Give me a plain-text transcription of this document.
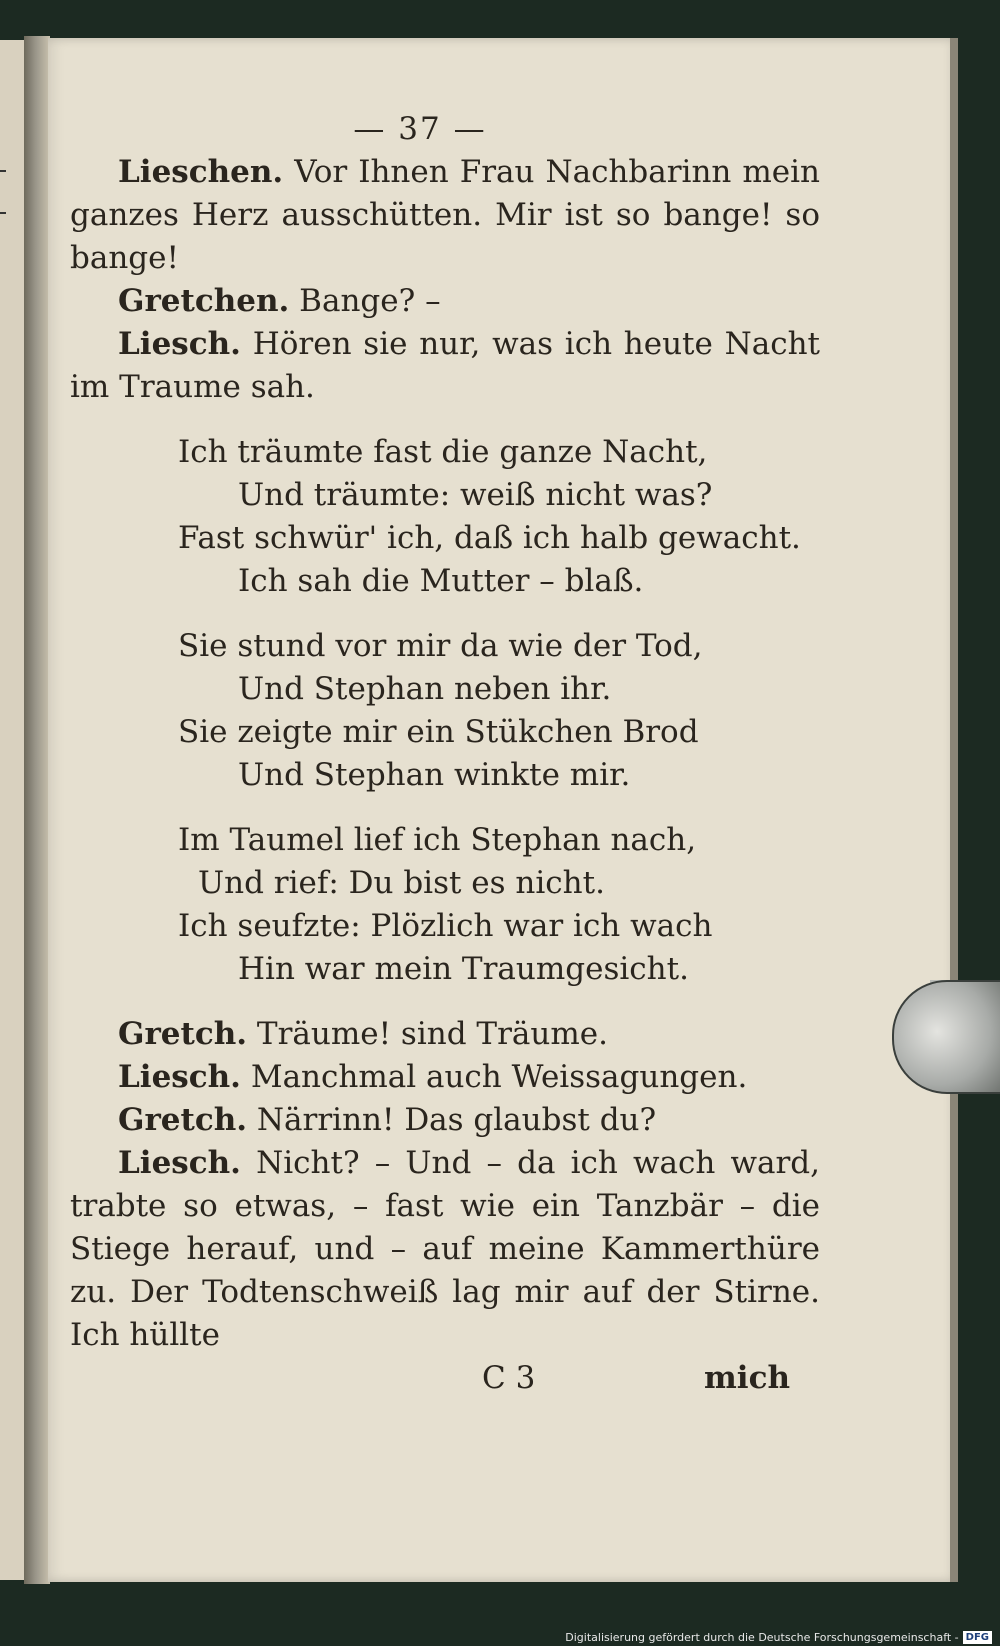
— 37 —

Lieschen. Vor Ihnen Frau Nachbarinn mein ganzes Herz ausschütten. Mir ist so bange! so bange!

Gretchen. Bange? –

Liesch. Hören sie nur, was ich heute Nacht im Traume sah.

Ich träumte fast die ganze Nacht,
Und träumte: weiß nicht was?
Fast schwür' ich, daß ich halb gewacht.
Ich sah die Mutter – blaß.
Sie stund vor mir da wie der Tod,
Und Stephan neben ihr.
Sie zeigte mir ein Stükchen Brod
Und Stephan winkte mir.
Im Taumel lief ich Stephan nach,
Und rief: Du bist es nicht.
Ich seufzte: Plözlich war ich wach
Hin war mein Traumgesicht.

Gretch. Träume! sind Träume.

Liesch. Manchmal auch Weissagungen.

Gretch. Närrinn! Das glaubst du?

Liesch. Nicht? – Und – da ich wach ward, trabte so etwas, – fast wie ein Tanzbär – die Stiege herauf, und – auf meine Kammerthüre zu. Der Todtenschweiß lag mir auf der Stirne. Ich hüllte

C 3	mich
Digitalisierung gefördert durch die Deutsche Forschungsgemeinschaft - DFG
